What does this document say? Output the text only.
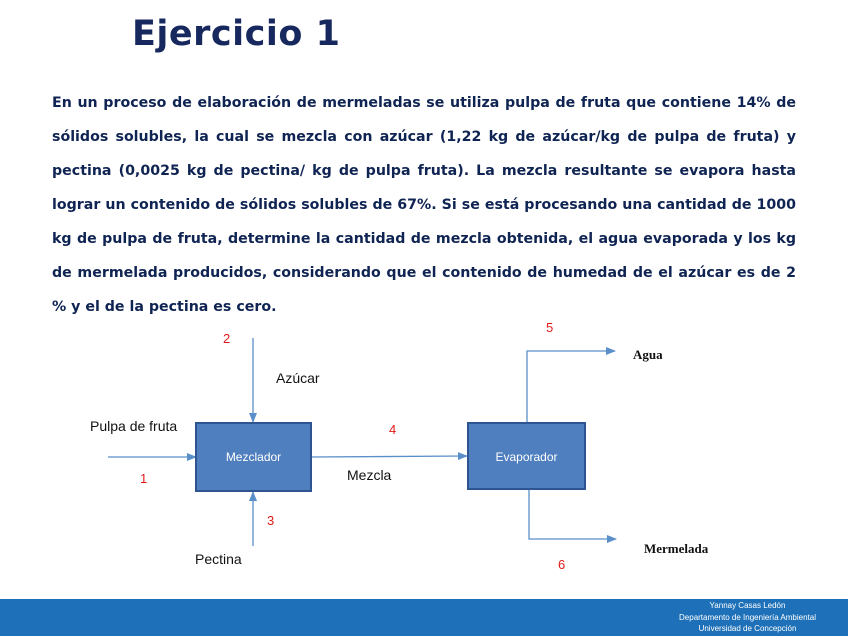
Ejercicio 1

En un proceso de elaboración de mermeladas se utiliza pulpa de fruta que contiene 14% de sólidos solubles, la cual se mezcla con azúcar (1,22 kg de azúcar/kg de pulpa de fruta) y pectina (0,0025 kg de pectina/ kg de pulpa fruta). La mezcla resultante se evapora hasta lograr un contenido de sólidos solubles de 67%. Si se está procesando una cantidad de 1000 kg de pulpa de fruta, determine la cantidad de mezcla obtenida, el agua evaporada y los kg de mermelada producidos, considerando que el contenido de humedad de el azúcar es de 2 % y el de la pectina es cero.

Mezclador	Evaporador
1
2
3
4
5
6
Pulpa de fruta
Azúcar
Pectina
Mezcla
Agua
Mermelada
Yannay Casas Ledón
Departamento de Ingeniería Ambiental
Universidad de Concepción
